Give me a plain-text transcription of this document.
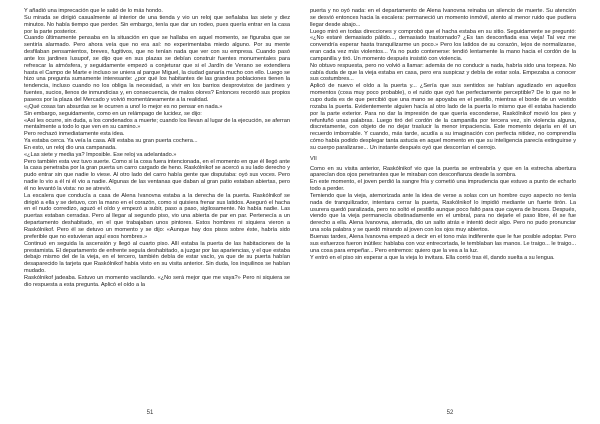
Y añadió una imprecación que le salió de lo más hondo.

Su mirada se dirigió casualmente al interior de una tienda y vio un reloj que señalaba las siete y diez minutos. No había tiempo que perder. Sin embargo, tenía que dar un rodeo, pues quería entrar en la casa por la parte posterior.

Cuando últimamente pensaba en la situación en que se hallaba en aquel momento, se figuraba que se sentiría alarmado. Pero ahora veía que no era así: no experimentaba miedo alguno. Por su mente desfilaban pensamientos, breves, fugitivos, que no tenían nada que ver con su empresa. Cuando pasó ante los jardines Iusupof, se dijo que en sus plazas se debían construir fuentes monumentales para refrescar la atmósfera, y seguidamente empezó a conjeturar que si el Jardín de Verano se extendiera hasta el Campo de Marte e incluso se uniera al parque Miguel, la ciudad ganaría mucho con ello. Luego se hizo una pregunta sumamente interesante: ¿por qué los habitantes de las grandes poblaciones tienen la tendencia, incluso cuando no los obliga la necesidad, a vivir en los barrios desprovistos de jardines y fuentes, sucios, llenos de inmundicias y, en consecuencia, de malos olores? Entonces recordó sus propios paseos por la plaza del Mercado y volvió momentáneamente a la realidad.

«¡Qué cosas tan absurdas se le ocurren a uno! lo mejor es no pensar en nada.»

Sin embargo, seguidamente, como en un relámpago de lucidez, se dijo:

«Así les ocurre, sin duda, a los condenados a muerte; cuando los llevan al lugar de la ejecución, se aferran mentalmente a todo lo que ven en su camino.»

Pero rechazó inmediatamente esta idea.

Ya estaba cerca. Ya veía la casa. Allí estaba su gran puerta cochera...

En esto, un reloj dio una campanada.

«¿Las siete y media ya? Imposible. Ese reloj va adelantado.»

Pero también esta vez tuvo suerte. Como si la cosa fuera intencionada, en el momento en que él llegó ante la casa penetraba por la gran puerta un carro cargado de heno. Raskólnikof se acercó a su lado derecho y pudo entrar sin que nadie lo viese. Al otro lado del carro había gente que disputaba: oyó sus voces. Pero nadie lo vio a él ni él vio a nadie. Algunas de las ventanas que daban al gran patio estaban abiertas, pero él no levantó la vista: no se atrevió.

La escalera que conducía a casa de Alena Ivanovna estaba a la derecha de la puerta. Raskólnikof se dirigió a ella y se detuvo, con la mano en el corazón, como si quisiera frenar sus latidos. Aseguró el hacha en el nudo corredizo, aguzó el oído y empezó a subir, paso a paso, sigilosamente. No había nadie. Las puertas estaban cerradas. Pero al llegar al segundo piso, vio una abierta de par en par. Pertenecía a un departamento deshabitado, en el que trabajaban unos pintores. Estos hombres ni siquiera vieron a Raskólnikof. Pero él se detuvo un momento y se dijo: «Aunque hay dos pisos sobre éste, habría sido preferible que no estuvieran aquí esos hombres.»

Continuó en seguida la ascensión y llegó al cuarto piso. Allí estaba la puerta de las habitaciones de la prestamista. El departamento de enfrente seguía deshabitado, a juzgar por las apariencias, y el que estaba debajo mismo del de la vieja, en el tercero, también debía de estar vacío, ya que de su puerta habían desaparecido la tarjeta que Raskólnikof había visto en su visita anterior. Sin duda, los inquilinos se habían mudado.

Raskólnikof jadeaba. Estuvo un momento vacilando. «¿No será mejor que me vaya?» Pero ni siquiera se dio respuesta a esta pregunta. Aplicó el oído a la

51

puerta y no oyó nada: en el departamento de Alena Ivanovna reinaba un silencio de muerte. Su atención se desvió entonces hacia la escalera: permaneció un momento inmóvil, atento al menor ruido que pudiera llegar desde abajo...

Luego miró en todas direcciones y comprobó que el hacha estaba en su sitio. Seguidamente se preguntó: «¿No estaré demasiado pálido..., demasiado trastornado? ¿Es tan desconfiada esa vieja! Tal vez me convendría esperar hasta tranquilizarme un poco.» Pero los latidos de su corazón, lejos de normalizarse, eran cada vez más violentos... Ya no pudo contenerse: tendió lentamente la mano hacia el cordón de la campanilla y tiró. Un momento después insistió con violencia.

No obtuvo respuesta, pero no volvió a llamar: además de no conducir a nada, habría sido una torpeza. No cabía duda de que la vieja estaba en casa, pero era suspicaz y debía de estar sola. Empezaba a conocer sus costumbres...

Aplicó de nuevo el oído a la puerta y... ¿Sería que sus sentidos se habían agudizado en aquellos momentos (cosa muy poco probable), o el ruido que oyó fue perfectamente perceptible? De lo que no le cupo duda es de que percibió que una mano se apoyaba en el pestillo, mientras el borde de un vestido rozaba la puerta. Evidentemente alguien hacía al otro lado de la puerta lo mismo que él estaba haciendo por la parte exterior. Para no dar la impresión de que quería esconderse, Raskólnikof movió los pies y refunfuñó unas palabras. Luego tiró del cordón de la campanilla por tercera vez, sin violencia alguna, discretamente, con objeto de no dejar traslucir la menor impaciencia. Este momento dejaría en él un recuerdo imborrable. Y cuando, más tarde, acudía a su imaginación con perfecta nitidez, no comprendía cómo había podido desplegar tanta astucia en aquel momento en que su inteligencia parecía extinguirse y su cuerpo paralizarse... Un instante después oyó que descorrían el cerrojo.

VII

Como en su visita anterior, Raskólnikof vio que la puerta se entreabría y que en la estrecha abertura aparecían dos ojos penetrantes que le miraban con desconfianza desde la sombra.

En este momento, el joven perdió la sangre fría y cometió una imprudencia que estuvo a punto de echarlo todo a perder.

Temiendo que la vieja, atemorizada ante la idea de verse a solas con un hombre cuyo aspecto no tenía nada de tranquilizador, intentara cerrar la puerta, Raskólnikof lo impidió mediante un fuerte tirón. La usurera quedó paralizada, pero no soltó el pestillo aunque poco faltó para que cayera de bruces. Después, viendo que la vieja permanecía obstinadamente en el umbral, para no dejarle el paso libre, él se fue derecho a ella. Alena Ivanovna, aterrada, dio un salto atrás e intentó decir algo. Pero no pudo pronunciar una sola palabra y se quedó mirando al joven con los ojos muy abiertos.

Buenas tardes, Alena Ivanovna empezó a decir en el tono más indiferente que le fue posible adoptar. Pero sus esfuerzos fueron inútiles: hablaba con voz entrecortada, le temblaban las manos. Le traigo... le traigo... una cosa para empeñar... Pero entremos: quiero que la vea a la luz.

Y entró en el piso sin esperar a que la vieja lo invitara. Ella corrió tras él, dando suelta a su lengua.

52
